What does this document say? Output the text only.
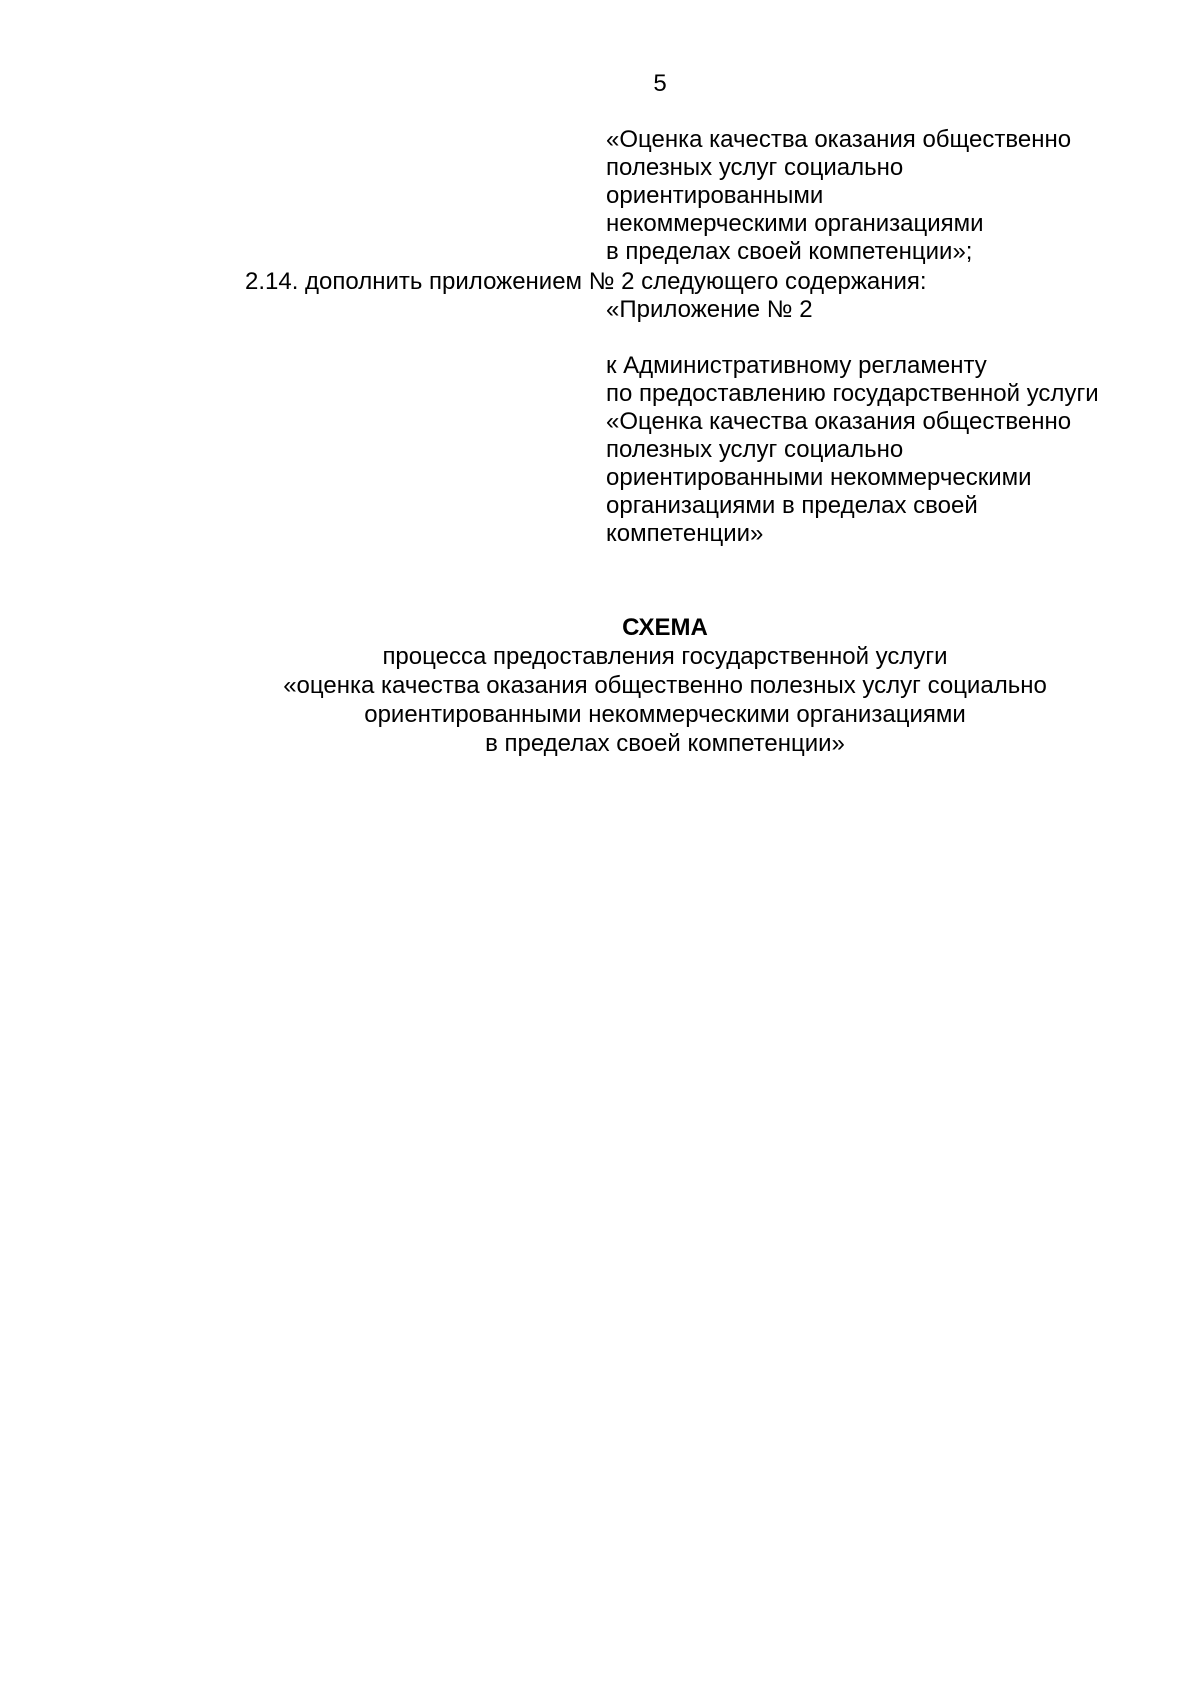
5
«Оценка качества оказания общественно
полезных услуг социально
ориентированными
некоммерческими организациями
в пределах своей компетенции»;
2.14. дополнить приложением № 2 следующего содержания:
«Приложение № 2
к Административному регламенту
по предоставлению государственной услуги
«Оценка качества оказания общественно
полезных услуг социально
ориентированными некоммерческими
организациями в пределах своей
компетенции»
СХЕМА
процесса предоставления государственной услуги
«оценка качества оказания общественно полезных услуг социально
ориентированными некоммерческими организациями
в пределах своей компетенции»
